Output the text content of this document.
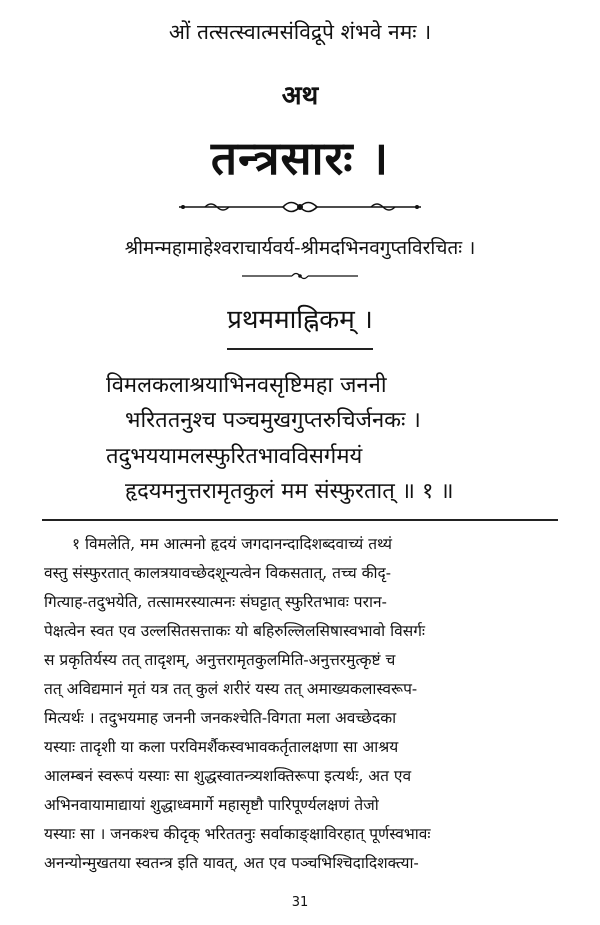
ओं तत्सत्स्वात्मसंविद्रूपे शंभवे नमः ।
अथ
तन्त्रसारः ।
श्रीमन्महामाहेश्वराचार्यवर्य-श्रीमदभिनवगुप्तविरचितः ।
प्रथममाह्निकम् ।
विमलकलाश्रयाभिनवसृष्टिमहा जननी
भरिततनुश्च पञ्चमुखगुप्तरुचिर्जनकः ।
तदुभययामलस्फुरितभावविसर्गमयं
हृदयमनुत्तरामृतकुलं मम संस्फुरतात् ॥ १ ॥
१ विमलेति, मम आत्मनो हृदयं जगदानन्दादिशब्दवाच्यं तथ्यं
वस्तु संस्फुरतात् कालत्रयावच्छेदशून्यत्वेन विकसतात्, तच्च कीदृ-
गित्याह-तदुभयेति, तत्सामरस्यात्मनः संघट्टात् स्फुरितभावः परान-
पेक्षत्वेन स्वत एव उल्लसितसत्ताकः यो बहिरुल्लिलसिषास्वभावो विसर्गः
स प्रकृतिर्यस्य तत् तादृशम्, अनुत्तरामृतकुलमिति-अनुत्तरमुत्कृष्टं च
तत् अविद्यमानं मृतं यत्र तत् कुलं शरीरं यस्य तत् अमाख्यकलास्वरूप-
मित्यर्थः । तदुभयमाह जननी जनकश्चेति-विगता मला अवच्छेदका
यस्याः तादृशी या कला परविमर्शैकस्वभावकर्तृतालक्षणा सा आश्रय
आलम्बनं स्वरूपं यस्याः सा शुद्धस्वातन्त्र्यशक्तिरूपा इत्यर्थः, अत एव
अभिनवायामाद्यायां शुद्धाध्वमार्गे महासृष्टौ पारिपूर्ण्यलक्षणं तेजो
यस्याः सा । जनकश्च कीदृक् भरिततनुः सर्वाकाङ्क्षाविरहात् पूर्णस्वभावः
अनन्योन्मुखतया स्वतन्त्र इति यावत्, अत एव पञ्चभिश्चिदादिशक्त्या-
31
